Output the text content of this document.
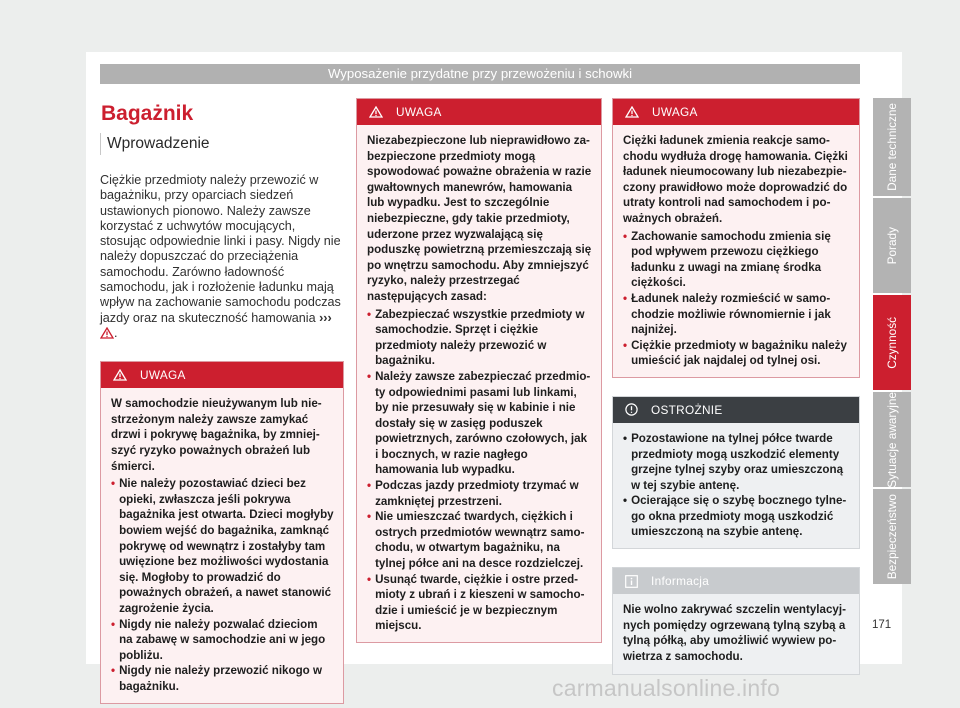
Wyposażenie przydatne przy przewożeniu i schowki
Bagażnik
Wprowadzenie

Ciężkie przedmioty należy przewozić w bagażniku, przy oparciach siedzeń ustawionych pionowo. Należy zawsze korzystać z uchwytów mocujących, stosując odpowiednie linki i pasy. Nigdy nie należy dopuszczać do przeciążenia samochodu. Zarówno ładowność samochodu, jak i rozłożenie ładunku mają wpływ na zachowanie samochodu podczas jazdy oraz na skuteczność hamowania ››› .

UWAGA

W samochodzie nieużywanym lub niestrzeżonym należy zawsze zamykać drzwi i pokrywę bagażnika, by zmniejszyć ryzyko poważnych obrażeń lub śmierci.

• Nie należy pozostawiać dzieci bez opieki, zwłaszcza jeśli pokrywa bagażnika jest otwarta. Dzieci mogłyby bowiem wejść do bagażnika, zamknąć pokrywę od wewnątrz i zostałyby tam uwięzione bez możliwości wydostania się. Mogłoby to prowadzić do poważnych obrażeń, a nawet stanowić zagrożenie życia.
• Nigdy nie należy pozwalać dzieciom na zabawę w samochodzie ani w jego pobliżu.
• Nigdy nie należy przewozić nikogo w bagażniku.
UWAGA

Niezabezpieczone lub nieprawidłowo zabezpieczone przedmioty mogą spowodować poważne obrażenia w razie gwałtownych manewrów, hamowania lub wypadku. Jest to szczególnie niebezpieczne, gdy takie przedmioty, uderzone przez wyzwalającą się poduszkę powietrzną przemieszczają się po wnętrzu samochodu. Aby zmniejszyć ryzyko, należy przestrzegać następujących zasad:

• Zabezpieczać wszystkie przedmioty w samochodzie. Sprzęt i ciężkie przedmioty należy przewozić w bagażniku.
• Należy zawsze zabezpieczać przedmioty odpowiednimi pasami lub linkami, by nie przesuwały się w kabinie i nie dostały się w zasięg poduszek powietrznych, zarówno czołowych, jak i bocznych, w razie nagłego hamowania lub wypadku.
• Podczas jazdy przedmioty trzymać w zamkniętej przestrzeni.
• Nie umieszczać twardych, ciężkich i ostrych przedmiotów wewnątrz samochodu, w otwartym bagażniku, na tylnej półce ani na desce rozdzielczej.
• Usunąć twarde, ciężkie i ostre przedmioty z ubrań i z kieszeni w samochodzie i umieścić je w bezpiecznym miejscu.
UWAGA

Ciężki ładunek zmienia reakcje samochodu wydłuża drogę hamowania. Ciężki ładunek nieumocowany lub niezabezpieczony prawidłowo może doprowadzić do utraty kontroli nad samochodem i poważnych obrażeń.

• Zachowanie samochodu zmienia się pod wpływem przewozu ciężkiego ładunku z uwagi na zmianę środka ciężkości.
• Ładunek należy rozmieścić w samochodzie możliwie równomiernie i jak najniżej.
• Ciężkie przedmioty w bagażniku należy umieścić jak najdalej od tylnej osi.
OSTROŻNIE
• Pozostawione na tylnej półce twarde przedmioty mogą uszkodzić elementy grzejne tylnej szyby oraz umieszczoną w tej szybie antenę.
• Ocierające się o szybę bocznego tylnego okna przedmioty mogą uszkodzić umieszczoną na szybie antenę.
Informacja

Nie wolno zakrywać szczelin wentylacyjnych pomiędzy ogrzewaną tylną szybą a tylną półką, aby umożliwić wywiew powietrza z samochodu.

Dane techniczne
Porady
Czynność
Sytuacje awaryjne
Bezpieczeństwo
171
carmanualsonline.info
